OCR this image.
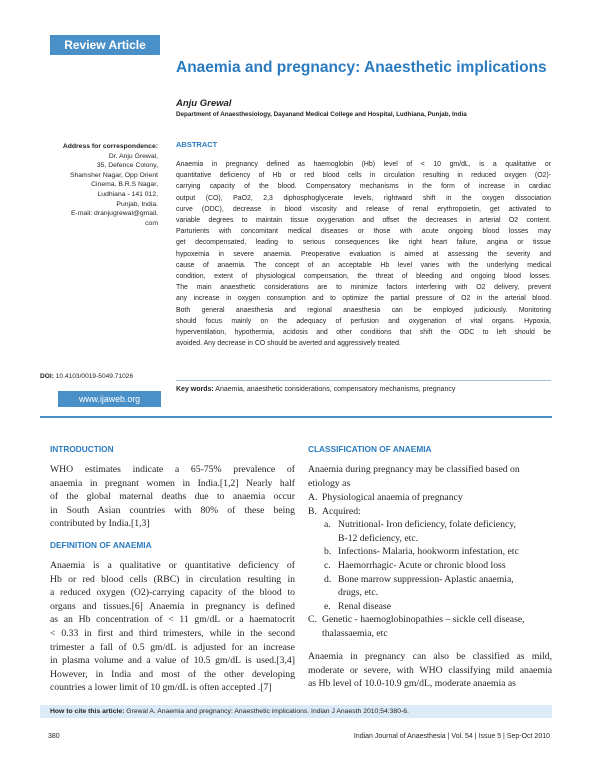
Review Article
Anaemia and pregnancy: Anaesthetic implications
Anju Grewal
Department of Anaesthesiology, Dayanand Medical College and Hospital, Ludhiana, Punjab, India
Address for correspondence:
Dr. Anju Grewal,
35, Defence Colony,
Shamsher Nagar, Opp Orient
Cinema, B.R.S Nagar,
Ludhiana - 141 012,
Punjab, India.
E-mail: dranjugrewal@gmail.
com
DOI: 10.4103/0019-5049.71026
www.ijaweb.org
ABSTRACT
Anaemia in pregnancy defined as haemoglobin (Hb) level of < 10 gm/dL, is a qualitative or
quantitative deficiency of Hb or red blood cells in circulation resulting in reduced oxygen (O2)-
carrying capacity of the blood. Compensatory mechanisms in the form of increase in cardiac
output (CO), PaO2, 2,3 diphosphoglycerate levels, rightward shift in the oxygen dissociation
curve (ODC), decrease in blood viscosity and release of renal erythropoietin, get activated to
variable degrees to maintain tissue oxygenation and offset the decreases in arterial O2 content.
Parturients with concomitant medical diseases or those with acute ongoing blood losses may
get decompensated, leading to serious consequences like right heart failure, angina or tissue
hypoxemia in severe anaemia. Preoperative evaluation is aimed at assessing the severity and
cause of anaemia. The concept of an acceptable Hb level varies with the underlying medical
condition, extent of physiological compensation, the threat of bleeding and ongoing blood losses.
The main anaesthetic considerations are to minimize factors interfering with O2 delivery, prevent
any increase in oxygen consumption and to optimize the partial pressure of O2 in the arterial blood.
Both general anaesthesia and regional anaesthesia can be employed judiciously. Monitoring
should focus mainly on the adequacy of perfusion and oxygenation of vital organs. Hypoxia,
hyperventilation, hypothermia, acidosis and other conditions that shift the ODC to left should be
avoided. Any decrease in CO should be averted and aggressively treated.
Key words: Anaemia, anaesthetic considerations, compensatory mechanisms, pregnancy
INTRODUCTION
WHO estimates indicate a 65-75% prevalence of
anaemia in pregnant women in India.[1,2] Nearly half
of the global maternal deaths due to anaemia occur
in South Asian countries with 80% of these being
contributed by India.[1,3]
DEFINITION OF ANAEMIA
Anaemia is a qualitative or quantitative deficiency of
Hb or red blood cells (RBC) in circulation resulting in
a reduced oxygen (O2)-carrying capacity of the blood to
organs and tissues.[6] Anaemia in pregnancy is defined
as an Hb concentration of < 11 gm/dL or a haematocrit
< 0.33 in first and third trimesters, while in the second
trimester a fall of 0.5 gm/dL is adjusted for an increase
in plasma volume and a value of 10.5 gm/dL is used.[3,4]
However, in India and most of the other developing
countries a lower limit of 10 gm/dL is often accepted .[7]
CLASSIFICATION OF ANAEMIA
Anaemia during pregnancy may be classified based on
etiology as
A. Physiological anaemia of pregnancy
B. Acquired:
a. Nutritional- Iron deficiency, folate deficiency,
B-12 deficiency, etc.
b. Infections- Malaria, hookworm infestation, etc
c. Haemorrhagic- Acute or chronic blood loss
d. Bone marrow suppression- Aplastic anaemia,
drugs, etc.
e. Renal disease
C. Genetic - haemoglobinopathies – sickle cell disease,
thalassaemia, etc
Anaemia in pregnancy can also be classified as mild,
moderate or severe, with WHO classifying mild anaemia
as Hb level of 10.0-10.9 gm/dL, moderate anaemia as
How to cite this article: Grewal A. Anaemia and pregnancy: Anaesthetic implications. Indian J Anaesth 2010;54:380-6.
380	Indian Journal of Anaesthesia | Vol. 54 | Issue 5 | Sep-Oct 2010
